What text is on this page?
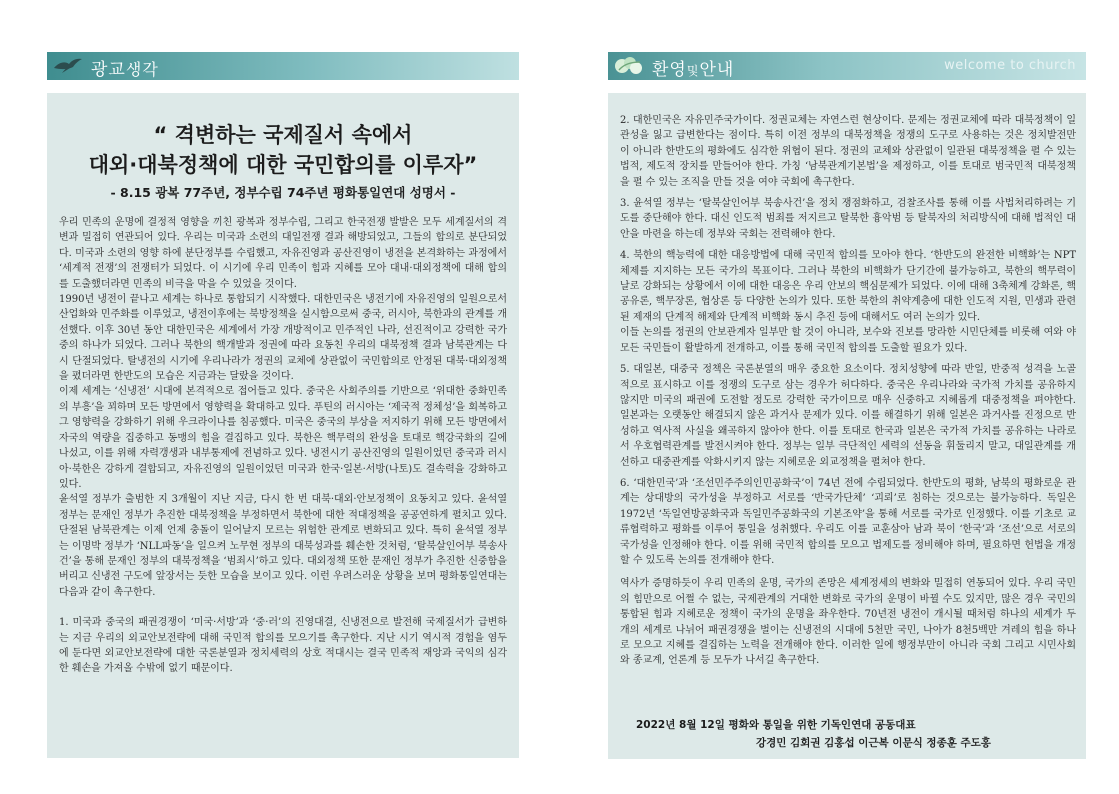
광교생각
“ 격변하는 국제질서 속에서
대외·대북정책에 대한 국민합의를 이루자”
- 8.15 광복 77주년, 정부수립 74주년 평화통일연대 성명서 -

우리 민족의 운명에 결정적 영향을 끼친 광복과 정부수립, 그리고 한국전쟁 발발은 모두 세계질서의 격변과 밀접히 연관되어 있다. 우리는 미국과 소련의 대일전쟁 결과 해방되었고, 그들의 합의로 분단되었다. 미국과 소련의 영향 하에 분단정부를 수립했고, 자유진영과 공산진영이 냉전을 본격화하는 과정에서 ‘세계적 전쟁’의 전쟁터가 되었다. 이 시기에 우리 민족이 힘과 지혜를 모아 대내·대외정책에 대해 합의를 도출했더라면 민족의 비극을 막을 수 있었을 것이다.

1990년 냉전이 끝나고 세계는 하나로 통합되기 시작했다. 대한민국은 냉전기에 자유진영의 일원으로서 산업화와 민주화를 이루었고, 냉전이후에는 북방정책을 실시함으로써 중국, 러시아, 북한과의 관계를 개선했다. 이후 30년 동안 대한민국은 세계에서 가장 개방적이고 민주적인 나라, 선진적이고 강력한 국가 중의 하나가 되었다. 그러나 북한의 핵개발과 정권에 따라 요동친 우리의 대북정책 결과 남북관계는 다시 단절되었다. 탈냉전의 시기에 우리나라가 정권의 교체에 상관없이 국민합의로 안정된 대북·대외정책을 폈더라면 한반도의 모습은 지금과는 달랐을 것이다.

이제 세계는 ‘신냉전’ 시대에 본격적으로 접어들고 있다. 중국은 사회주의를 기반으로 ‘위대한 중화민족의 부흥’을 꾀하며 모든 방면에서 영향력을 확대하고 있다. 푸틴의 러시아는 ‘제국적 정체성’을 회복하고 그 영향력을 강화하기 위해 우크라이나를 침공했다. 미국은 중국의 부상을 저지하기 위해 모든 방면에서 자국의 역량을 집중하고 동맹의 힘을 결집하고 있다. 북한은 핵무력의 완성을 토대로 핵강국화의 길에 나섰고, 이를 위해 자력갱생과 내부통제에 전념하고 있다. 냉전시기 공산진영의 일원이었던 중국과 러시아·북한은 강하게 결합되고, 자유진영의 일원이었던 미국과 한국·일본·서방(나토)도 결속력을 강화하고 있다.

윤석열 정부가 출범한 지 3개월이 지난 지금, 다시 한 번 대북·대외·안보정책이 요동치고 있다. 윤석열 정부는 문재인 정부가 추진한 대북정책을 부정하면서 북한에 대한 적대정책을 공공연하게 펼치고 있다. 단절된 남북관계는 이제 언제 충돌이 일어날지 모르는 위험한 관계로 변화되고 있다. 특히 윤석열 정부는 이명박 정부가 ‘NLL파동’을 일으켜 노무현 정부의 대북성과를 훼손한 것처럼, ‘탈북살인어부 북송사건’을 통해 문재인 정부의 대북정책을 ‘범죄시’하고 있다. 대외정책 또한 문재인 정부가 추진한 신중함을 버리고 신냉전 구도에 앞장서는 듯한 모습을 보이고 있다. 이런 우려스러운 상황을 보며 평화통일연대는 다음과 같이 촉구한다.

1. 미국과 중국의 패권경쟁이 ‘미국·서방’과 ‘중·러’의 진영대결, 신냉전으로 발전해 국제질서가 급변하는 지금 우리의 외교안보전략에 대해 국민적 합의를 모으기를 촉구한다. 지난 시기 역시적 경험을 염두에 둔다면 외교안보전략에 대한 국론분열과 정치세력의 상호 적대시는 결국 민족적 재앙과 국익의 심각한 훼손을 가져올 수밖에 없기 때문이다.

환영및안내	welcome to church

2. 대한민국은 자유민주국가이다. 정권교체는 자연스런 현상이다. 문제는 정권교체에 따라 대북정책이 일관성을 잃고 급변한다는 점이다. 특히 이전 정부의 대북정책을 정쟁의 도구로 사용하는 것은 정치발전만이 아니라 한반도의 평화에도 심각한 위협이 된다. 정권의 교체와 상관없이 일관된 대북정책을 펼 수 있는 법적, 제도적 장치를 만들어야 한다. 가칭 ‘남북관계기본법’을 제정하고, 이를 토대로 범국민적 대북정책을 펼 수 있는 조직을 만들 것을 여야 국회에 촉구한다.

3. 윤석열 정부는 ‘탈북살인어부 북송사건’을 정치 쟁점화하고, 검찰조사를 통해 이를 사법처리하려는 기도를 중단해야 한다. 대신 인도적 범죄를 저지르고 탈북한 흉악범 등 탈북자의 처리방식에 대해 법적인 대안을 마련을 하는데 정부와 국회는 전력해야 한다.

4. 북한의 핵능력에 대한 대응방법에 대해 국민적 합의를 모아야 한다. ‘한반도의 완전한 비핵화’는 NPT체제를 지지하는 모든 국가의 목표이다. 그러나 북한의 비핵화가 단기간에 불가능하고, 북한의 핵무력이 날로 강화되는 상황에서 이에 대한 대응은 우리 안보의 핵심문제가 되었다. 이에 대해 3축체계 강화론, 핵공유론, 핵무장론, 협상론 등 다양한 논의가 있다. 또한 북한의 취약계층에 대한 인도적 지원, 민생과 관련된 제재의 단계적 해제와 단계적 비핵화 동시 추진 등에 대해서도 여러 논의가 있다.

이들 논의를 정권의 안보관계자 일부만 할 것이 아니라, 보수와 진보를 망라한 시민단체를 비롯해 여와 야 모든 국민들이 활발하게 전개하고, 이를 통해 국민적 합의를 도출할 필요가 있다.

5. 대일본, 대중국 정책은 국론분열의 매우 중요한 요소이다. 정치성향에 따라 반일, 반중적 성격을 노골적으로 표시하고 이를 정쟁의 도구로 삼는 경우가 허다하다. 중국은 우리나라와 국가적 가치를 공유하지 않지만 미국의 패권에 도전할 정도로 강력한 국가이므로 매우 신중하고 지혜롭게 대중정책을 펴야한다. 일본과는 오랫동안 해결되지 않은 과거사 문제가 있다. 이를 해결하기 위해 일본은 과거사를 진정으로 반성하고 역사적 사실을 왜곡하지 않아야 한다. 이를 토대로 한국과 일본은 국가적 가치를 공유하는 나라로서 우호협력관계를 발전시켜야 한다. 정부는 일부 극단적인 세력의 선동을 휘둘리지 말고, 대일관계를 개선하고 대중관계를 악화시키지 않는 지혜로운 외교정책을 펼쳐야 한다.

6. ‘대한민국’과 ‘조선민주주의인민공화국’이 74년 전에 수립되었다. 한반도의 평화, 남북의 평화로운 관계는 상대방의 국가성을 부정하고 서로를 ‘반국가단체’ ‘괴뢰’로 침하는 것으로는 불가능하다. 독일은 1972년 ‘독일연방공화국과 독일민주공화국의 기본조약’을 통해 서로를 국가로 인정했다. 이를 기초로 교류협력하고 평화를 이루어 통일을 성취했다. 우리도 이를 교훈삼아 남과 북이 ‘한국’과 ‘조선’으로 서로의 국가성을 인정해야 한다. 이를 위해 국민적 합의를 모으고 법제도를 정비해야 하며, 필요하면 헌법을 개정할 수 있도록 논의를 전개해야 한다.

역사가 증명하듯이 우리 민족의 운명, 국가의 존망은 세계정세의 변화와 밀접히 연동되어 있다. 우리 국민의 힘만으로 어쩔 수 없는, 국제관계의 거대한 변화로 국가의 운명이 바뀔 수도 있지만, 많은 경우 국민의 통합된 힘과 지혜로운 정책이 국가의 운명을 좌우한다. 70년전 냉전이 개시될 때처럼 하나의 세계가 두 개의 세계로 나뉘어 패권경쟁을 벌이는 신냉전의 시대에 5천만 국민, 나아가 8천5백만 겨레의 힘을 하나로 모으고 지혜를 결집하는 노력을 전개해야 한다. 이러한 일에 행정부만이 아니라 국회 그리고 시민사회와 종교계, 언론계 등 모두가 나서길 촉구한다.

2022년 8월 12일 평화와 통일을 위한 기독인연대 공동대표
강경민 김회권 김홍섭 이근복 이문식 정종훈 주도홍
